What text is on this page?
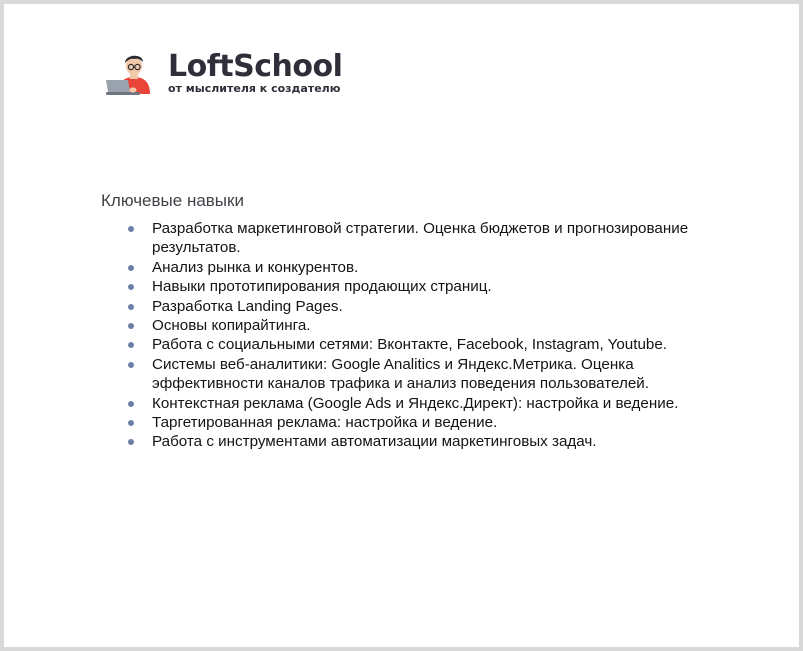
LoftSchool
от мыслителя к создателю
Ключевые навыки
Разработка маркетинговой стратегии. Оценка бюджетов и прогнозирование результатов.
Анализ рынка и конкурентов.
Навыки прототипирования продающих страниц.
Разработка Landing Pages.
Основы копирайтинга.
Работа с социальными сетями: Вконтакте, Facebook, Instagram, Youtube.
Системы веб-аналитики: Google Analitics и Яндекс.Метрика. Оценка эффективности каналов трафика и анализ поведения пользователей.
Контекстная реклама (Google Ads и Яндекс.Директ): настройка и ведение.
Таргетированная реклама: настройка и ведение.
Работа с инструментами автоматизации маркетинговых задач.
